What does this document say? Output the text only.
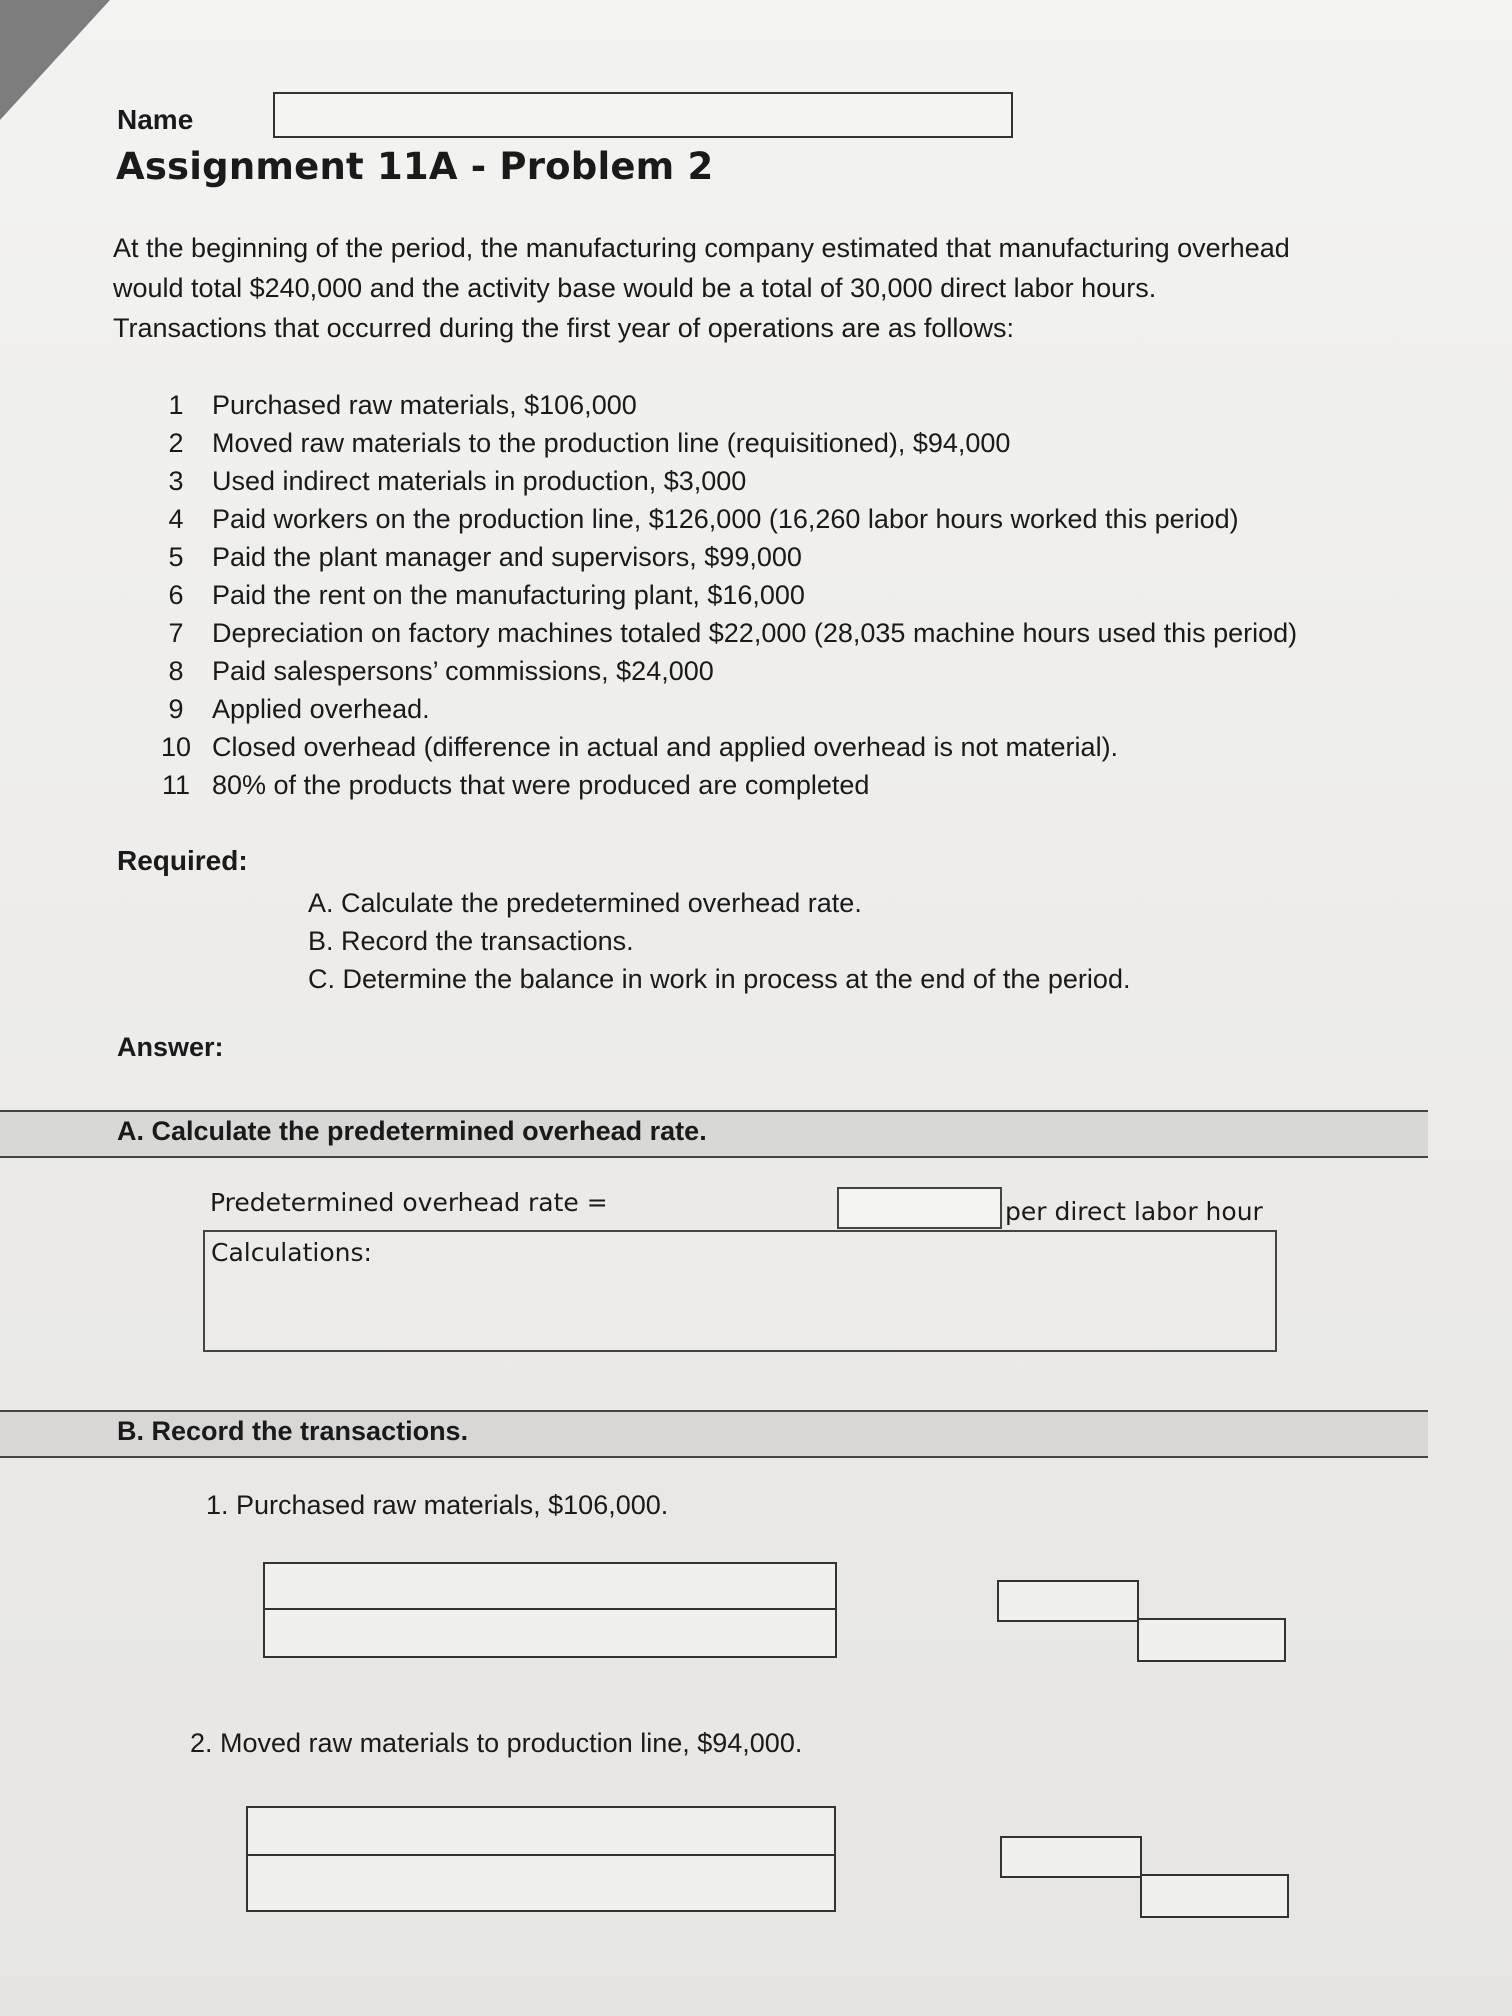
Name
Assignment 11A - Problem 2
At the beginning of the period, the manufacturing company estimated that manufacturing overhead
would total $240,000 and the activity base would be a total of 30,000 direct labor hours.
Transactions that occurred during the first year of operations are as follows:
1	Purchased raw materials, $106,000
2	Moved raw materials to the production line (requisitioned), $94,000
3	Used indirect materials in production, $3,000
4	Paid workers on the production line, $126,000 (16,260 labor hours worked this period)
5	Paid the plant manager and supervisors, $99,000
6	Paid the rent on the manufacturing plant, $16,000
7	Depreciation on factory machines totaled $22,000 (28,035 machine hours used this period)
8	Paid salespersons’ commissions, $24,000
9	Applied overhead.
10 Closed overhead (difference in actual and applied overhead is not material).
11 80% of the products that were produced are completed
Required:
A. Calculate the predetermined overhead rate.
B. Record the transactions.
C. Determine the balance in work in process at the end of the period.
Answer:
A. Calculate the predetermined overhead rate.
Predetermined overhead rate =	per direct labor hour
Calculations:
B. Record the transactions.
1. Purchased raw materials, $106,000.
2. Moved raw materials to production line, $94,000.
